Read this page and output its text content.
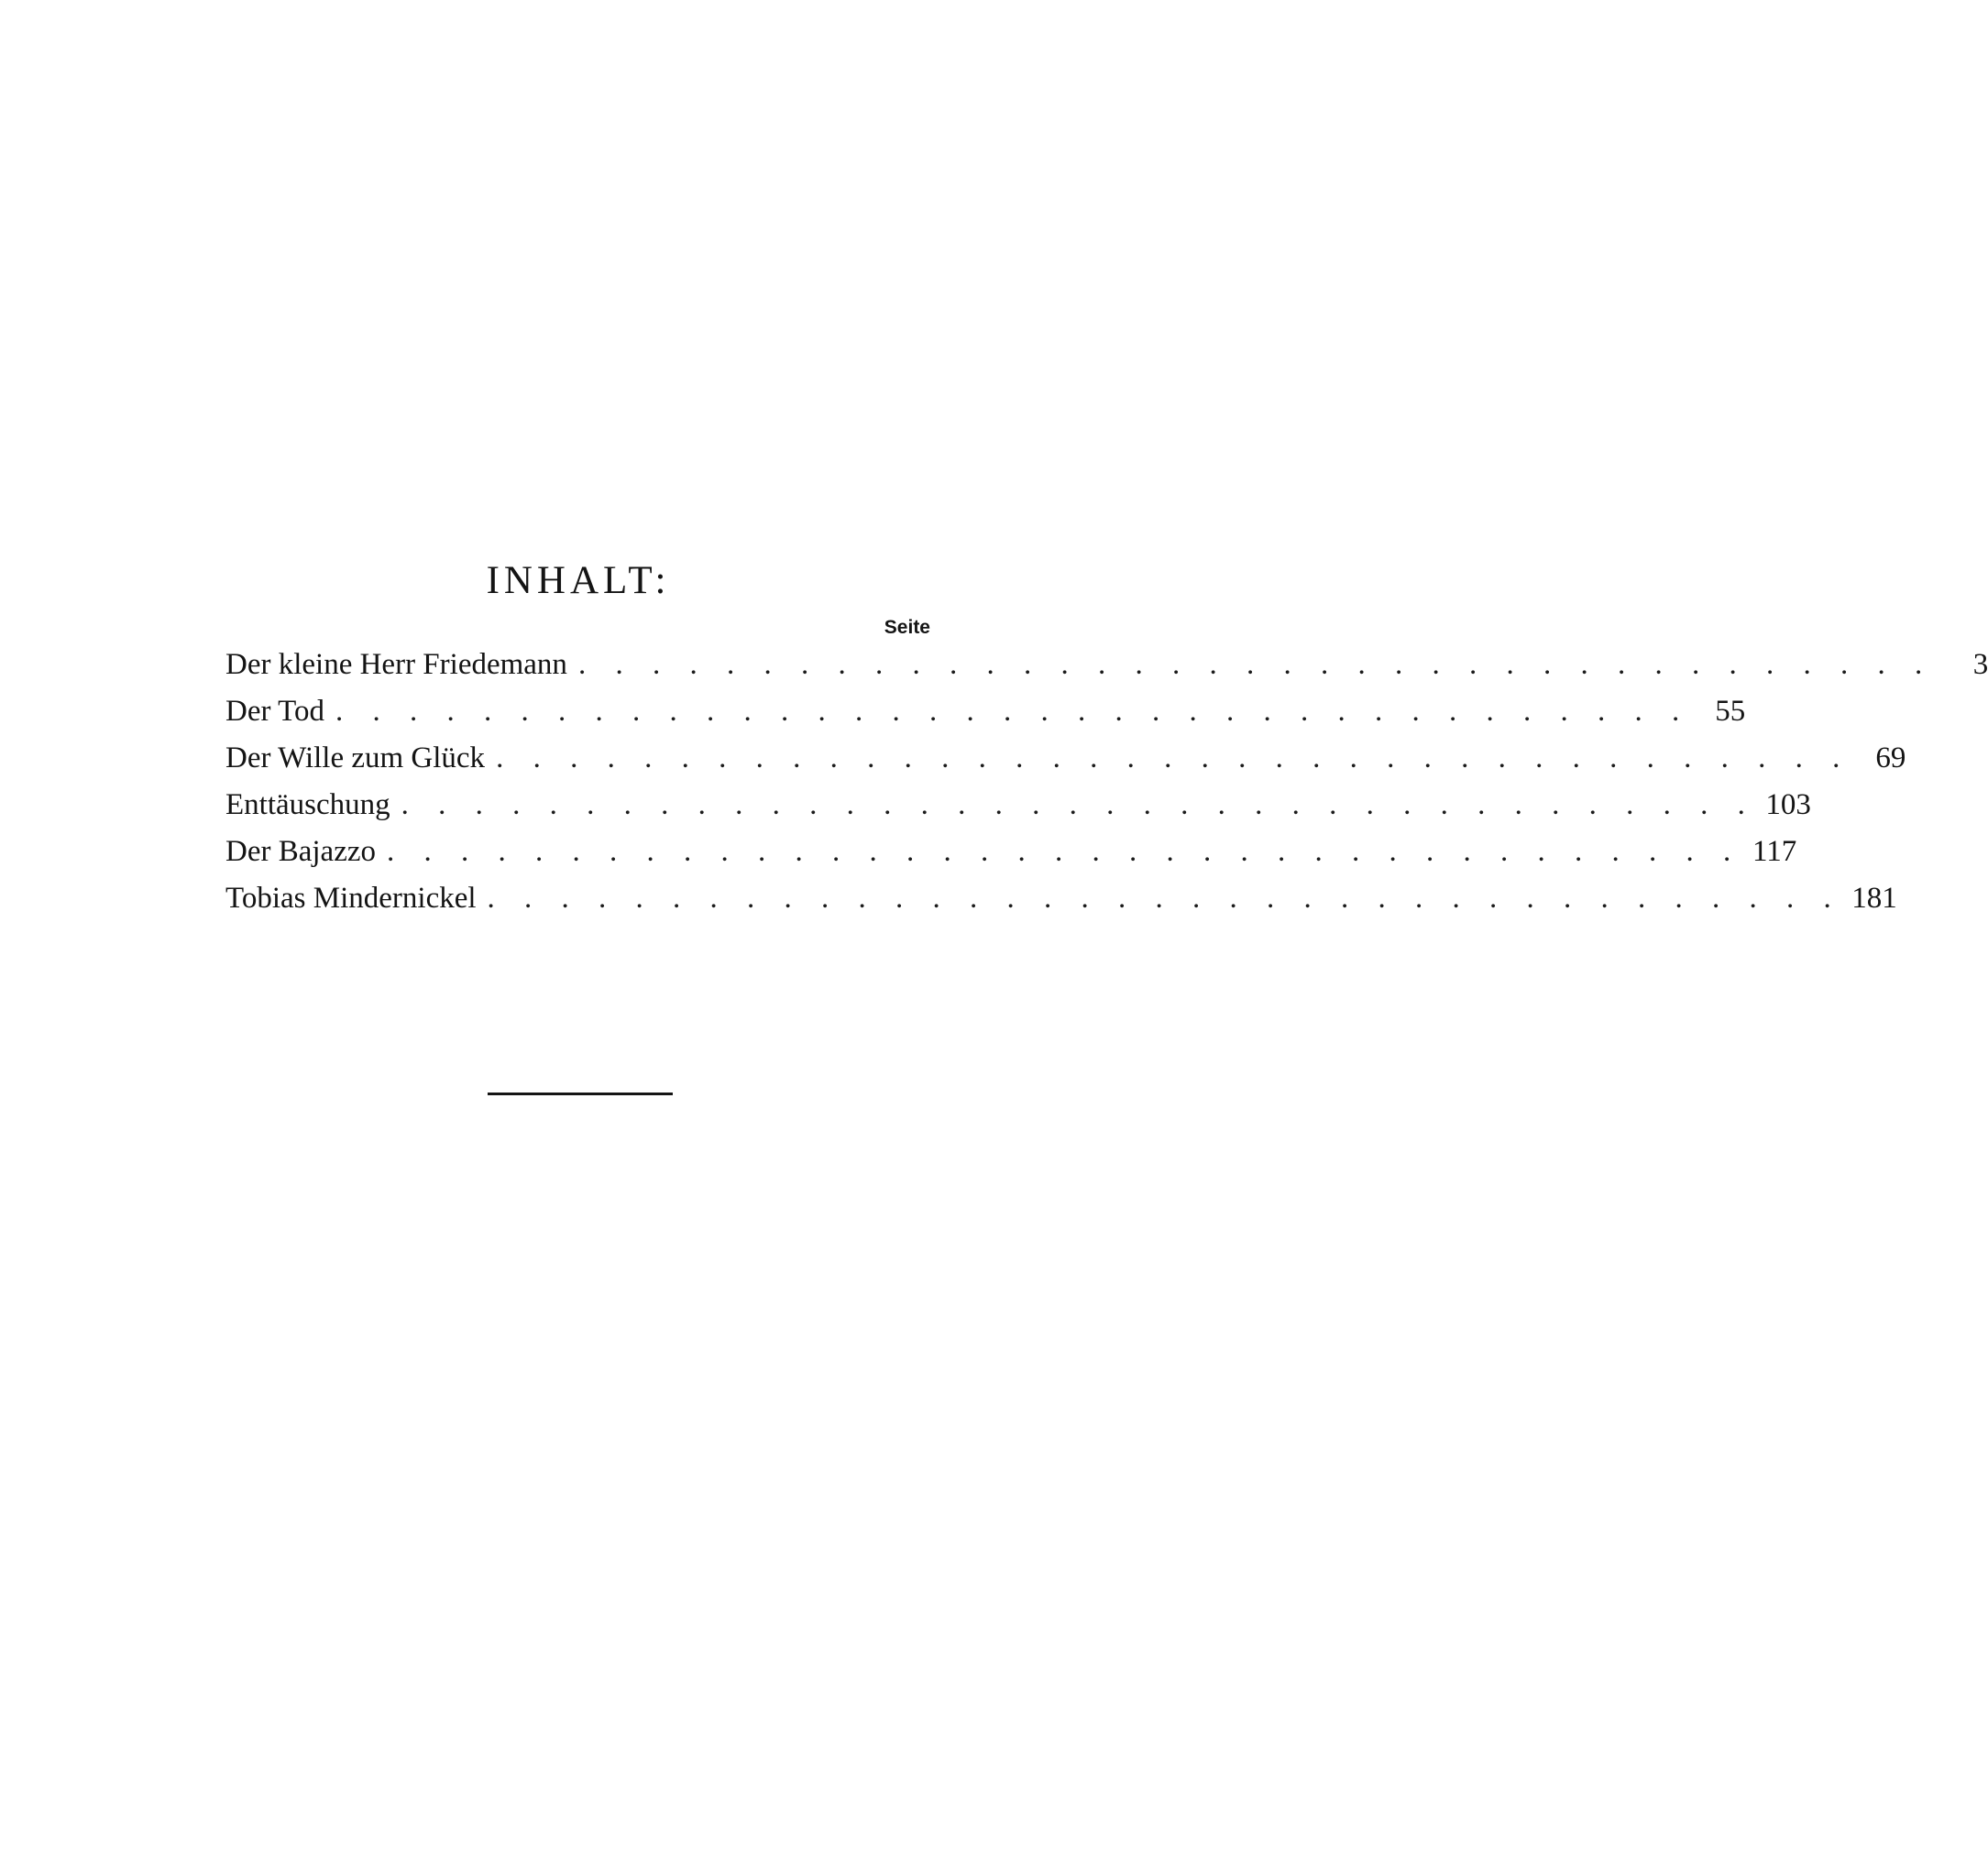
INHALT:
Seite
Der kleine Herr Friedemann . . . . . . . . . . . . . . . . . . . . . . . . . . . . . . . . . . . . .	3
Der Tod . . . . . . . . . . . . . . . . . . . . . . . . . . . . . . . . . . . . . 55
Der Wille zum Glück . . . . . . . . . . . . . . . . . . . . . . . . . . . . . . . . . . . . . 69
Enttäuschung . . . . . . . . . . . . . . . . . . . . . . . . . . . . . . . . . . . . . 103
Der Bajazzo . . . . . . . . . . . . . . . . . . . . . . . . . . . . . . . . . . . . . 117
Tobias Mindernickel . . . . . . . . . . . . . . . . . . . . . . . . . . . . . . . . . . . . . 181
